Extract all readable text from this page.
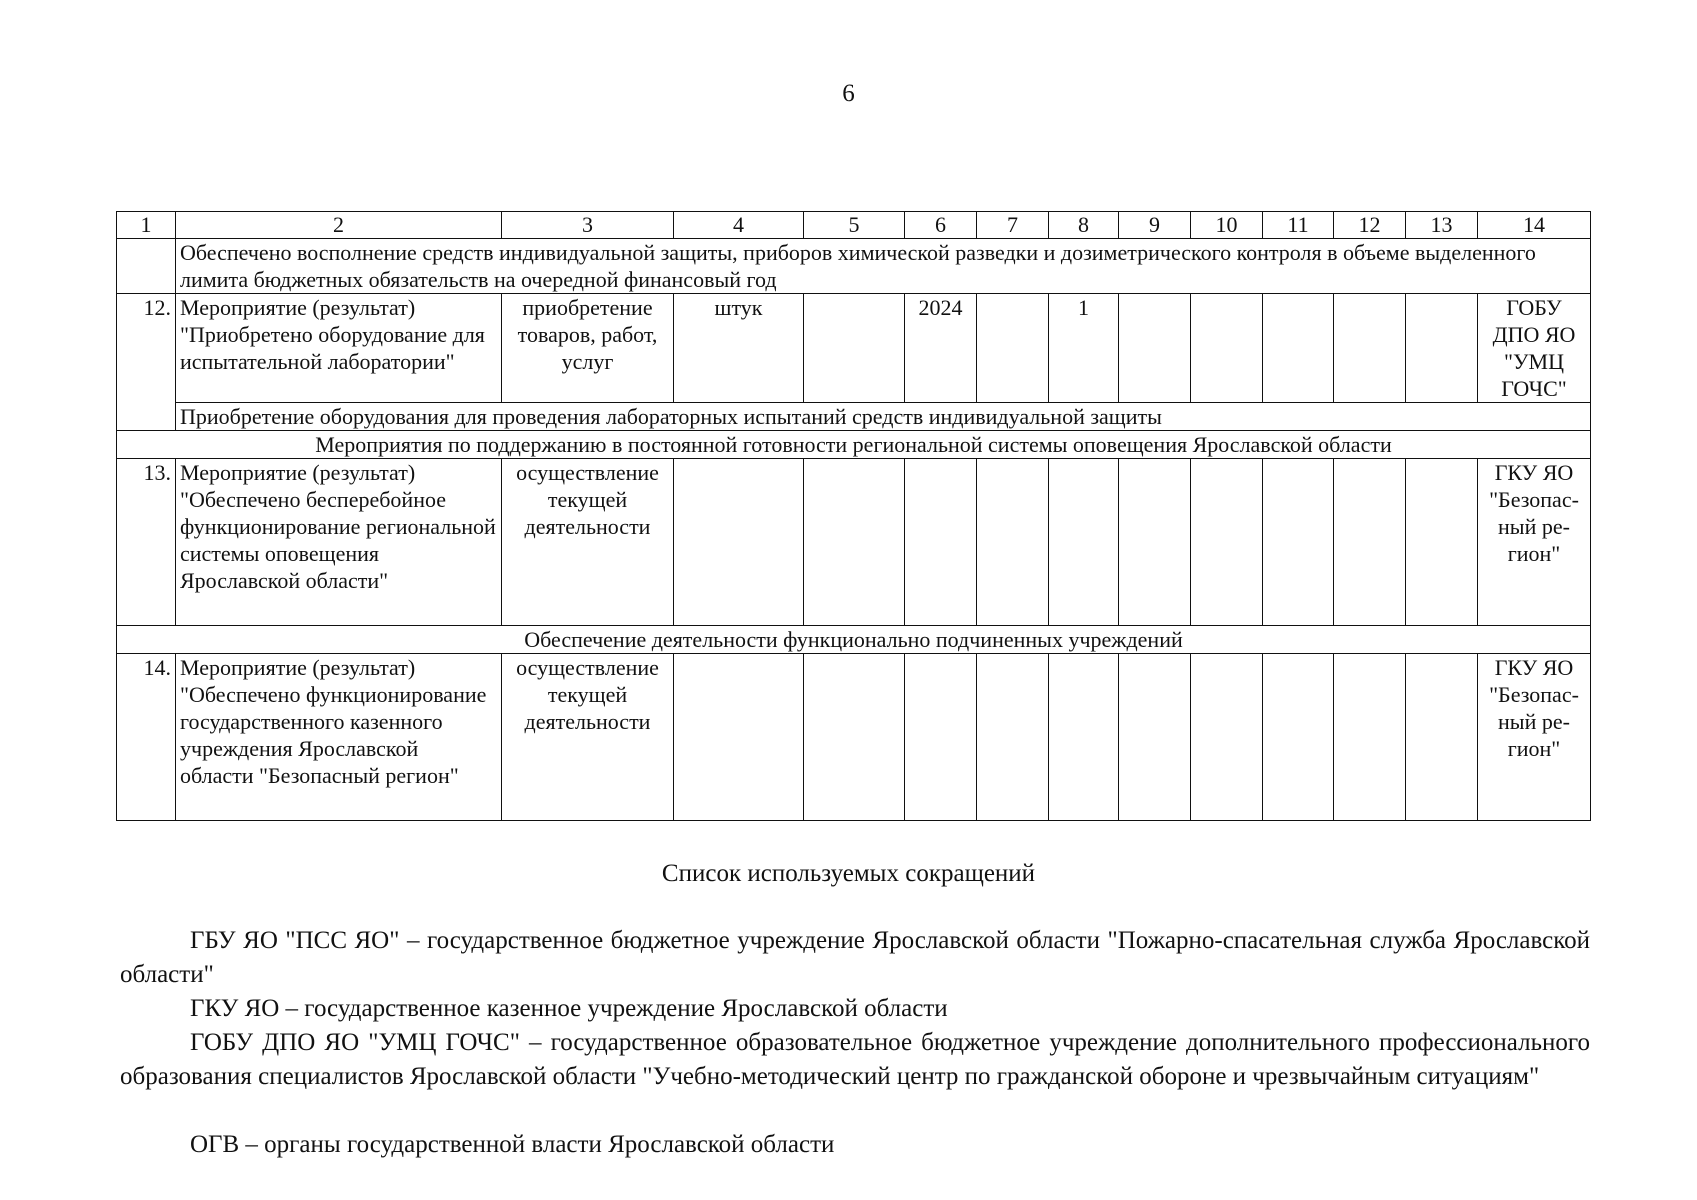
6
1	2	3	4	5	6	7	8	9	10	11	12	13	14
	Обеспечено восполнение средств индивидуальной защиты, приборов химической разведки и дозиметрического контроля в объеме выделенного лимита бюджетных обязательств на очередной финансовый год												
12.	Мероприятие (результат) "Приобретено оборудование для испытательной лаборатории"	приобретение товаров, работ, услуг	штук		2024		1						ГОБУ ДПО ЯО "УМЦ ГОЧС"
	Приобретение оборудования для проведения лабораторных испытаний средств индивидуальной защиты												
Мероприятия по поддержанию в постоянной готовности региональной системы оповещения Ярославской области													
13.	Мероприятие (результат) "Обеспечено бесперебойное функционирование региональной системы оповещения Ярославской области"	осуществление текущей деятельности											ГКУ ЯО "Безопас-ный ре-гион"
Обеспечение деятельности функционально подчиненных учреждений													
14.	Мероприятие (результат) "Обеспечено функционирование государственного казенного учреждения Ярославской области "Безопасный регион"	осуществление текущей деятельности											ГКУ ЯО "Безопас-ный ре-гион"
Список используемых сокращений
ГБУ ЯО "ПСС ЯО" – государственное бюджетное учреждение Ярославской области "Пожарно-спасательная служба Ярославской области"
ГКУ ЯО – государственное казенное учреждение Ярославской области
ГОБУ ДПО ЯО "УМЦ ГОЧС" – государственное образовательное бюджетное учреждение дополнительного профессионального образования специалистов Ярославской области "Учебно-методический центр по гражданской обороне и чрезвычайным ситуациям"
ОГВ – органы государственной власти Ярославской области
